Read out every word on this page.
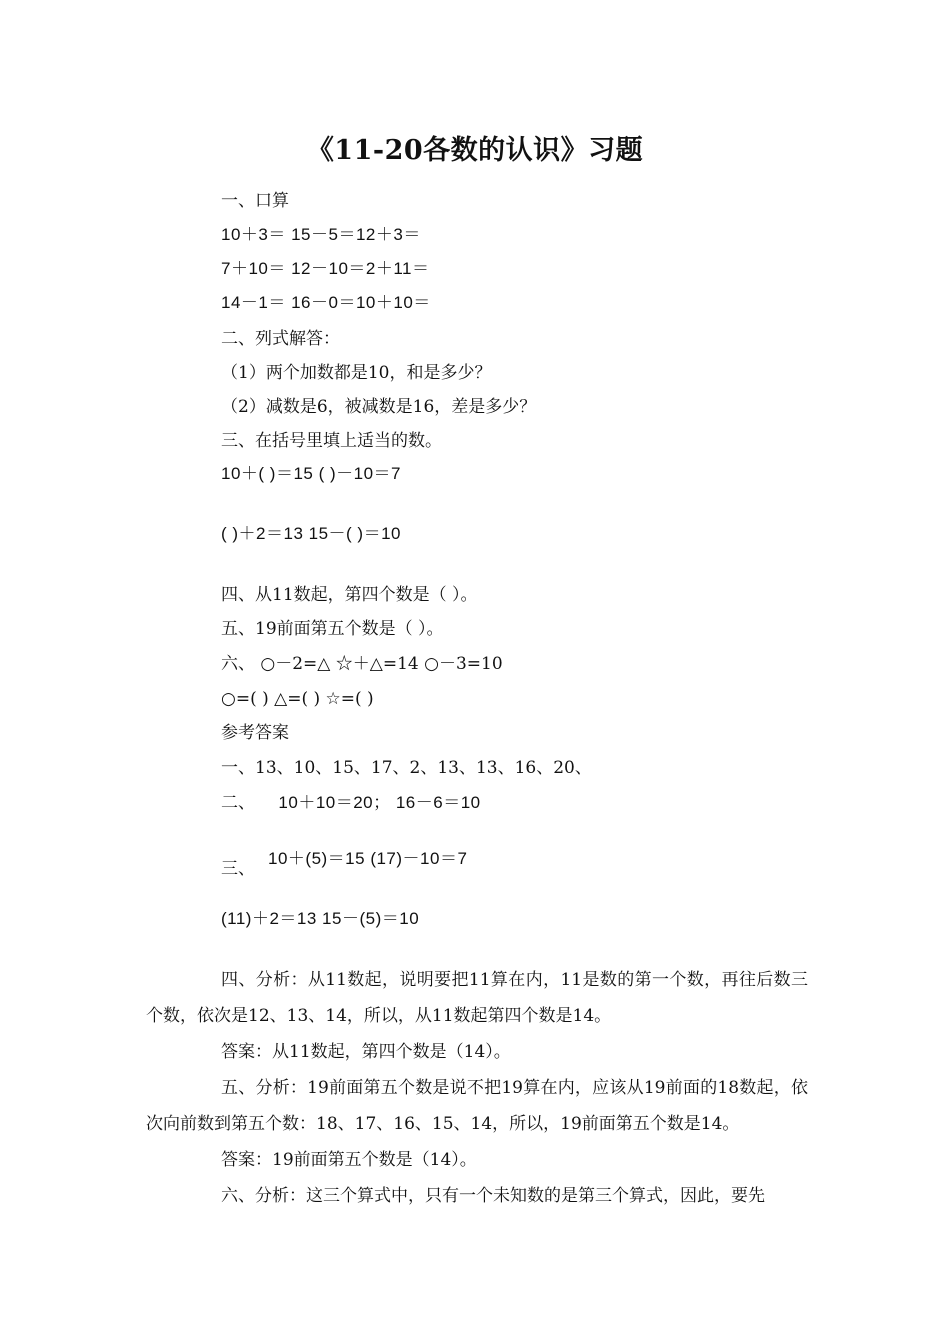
《11-20各数的认识》习题
一、口算
10＋3＝ 15－5＝12＋3＝
7＋10＝ 12－10＝2＋11＝
14－1＝ 16－0＝10＋10＝
二、列式解答：
（1）两个加数都是10，和是多少？
（2）减数是6，被减数是16，差是多少？
三、在括号里填上适当的数。
10＋( )＝15 ( )－10＝7
( )＋2＝13 15－( )＝10
四、从11数起，第四个数是（ ）。
五、19前面第五个数是（ ）。
六、 ○－2=△ ☆＋△=14 ○－3=10
○=( ) △=( ) ☆=( )
参考答案
一、13、10、15、17、2、13、13、16、20、
二、 10＋10＝20； 16－6＝10
三、
10＋(5)＝15 (17)－10＝7
(11)＋2＝13 15－(5)＝10
四、分析：从11数起，说明要把11算在内，11是数的第一个数，再往后数三个数，依次是12、13、14，所以，从11数起第四个数是14。
答案：从11数起，第四个数是（14）。
五、分析：19前面第五个数是说不把19算在内，应该从19前面的18数起，依次向前数到第五个数：18、17、16、15、14，所以，19前面第五个数是14。
答案：19前面第五个数是（14）。
六、分析：这三个算式中，只有一个未知数的是第三个算式，因此，要先
